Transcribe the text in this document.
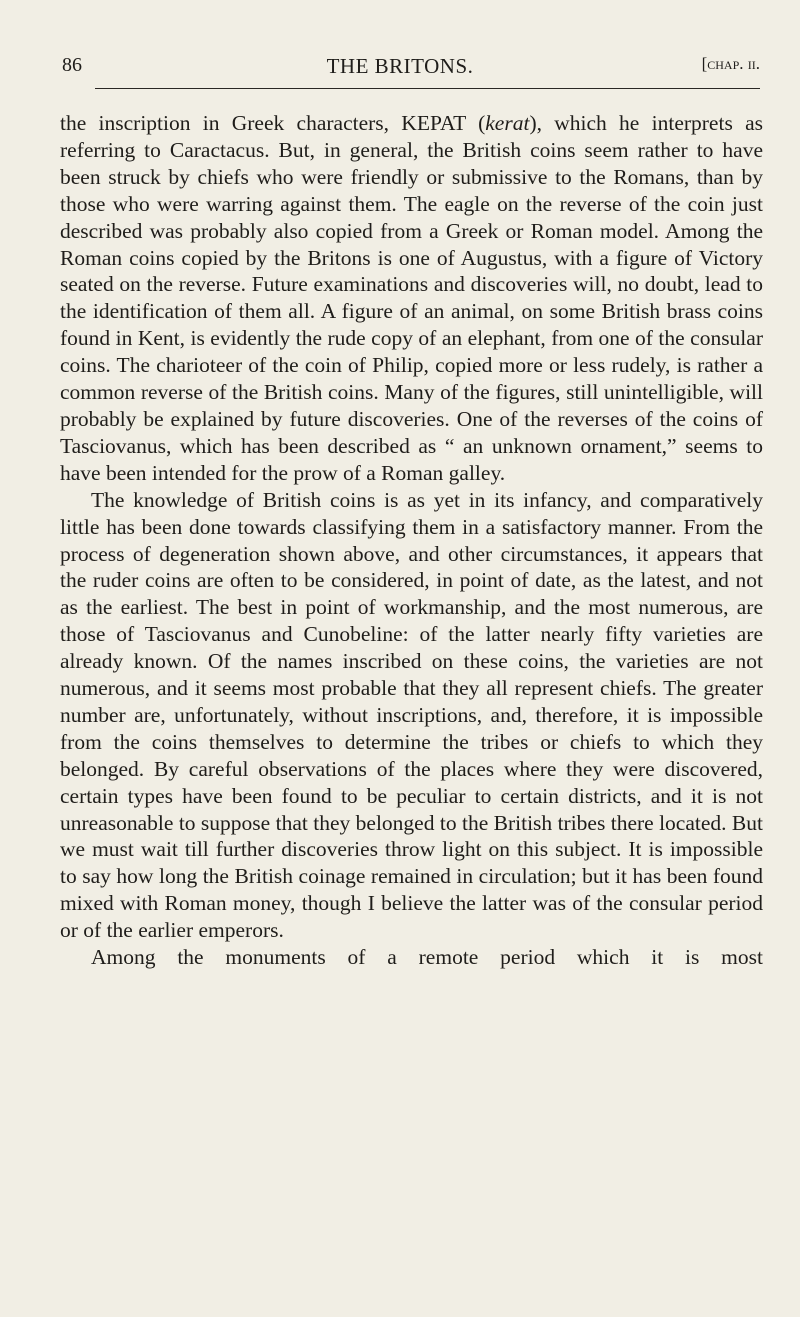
86	THE BRITONS.	[chap. ii.

the inscription in Greek characters, KEPAT (kerat), which he interprets as referring to Caractacus. But, in general, the British coins seem rather to have been struck by chiefs who were friendly or submissive to the Romans, than by those who were warring against them. The eagle on the reverse of the coin just described was probably also copied from a Greek or Roman model. Among the Roman coins copied by the Britons is one of Augustus, with a figure of Victory seated on the reverse. Future examinations and discoveries will, no doubt, lead to the identification of them all. A figure of an animal, on some British brass coins found in Kent, is evidently the rude copy of an elephant, from one of the consular coins. The charioteer of the coin of Philip, copied more or less rudely, is rather a common reverse of the British coins. Many of the figures, still unintelligible, will probably be explained by future discoveries. One of the reverses of the coins of Tasciovanus, which has been described as “ an unknown ornament,” seems to have been intended for the prow of a Roman galley.

The knowledge of British coins is as yet in its infancy, and comparatively little has been done towards classifying them in a satisfactory manner. From the process of degeneration shown above, and other circumstances, it appears that the ruder coins are often to be considered, in point of date, as the latest, and not as the earliest. The best in point of workmanship, and the most numerous, are those of Tasciovanus and Cunobeline: of the latter nearly fifty varieties are already known. Of the names inscribed on these coins, the varieties are not numerous, and it seems most probable that they all represent chiefs. The greater number are, unfortunately, without inscriptions, and, therefore, it is impossible from the coins themselves to determine the tribes or chiefs to which they belonged. By careful observations of the places where they were discovered, certain types have been found to be peculiar to certain districts, and it is not unreasonable to suppose that they belonged to the British tribes there located. But we must wait till further discoveries throw light on this subject. It is impossible to say how long the British coinage remained in circulation; but it has been found mixed with Roman money, though I believe the latter was of the consular period or of the earlier emperors.

Among the monuments of a remote period which it is most
